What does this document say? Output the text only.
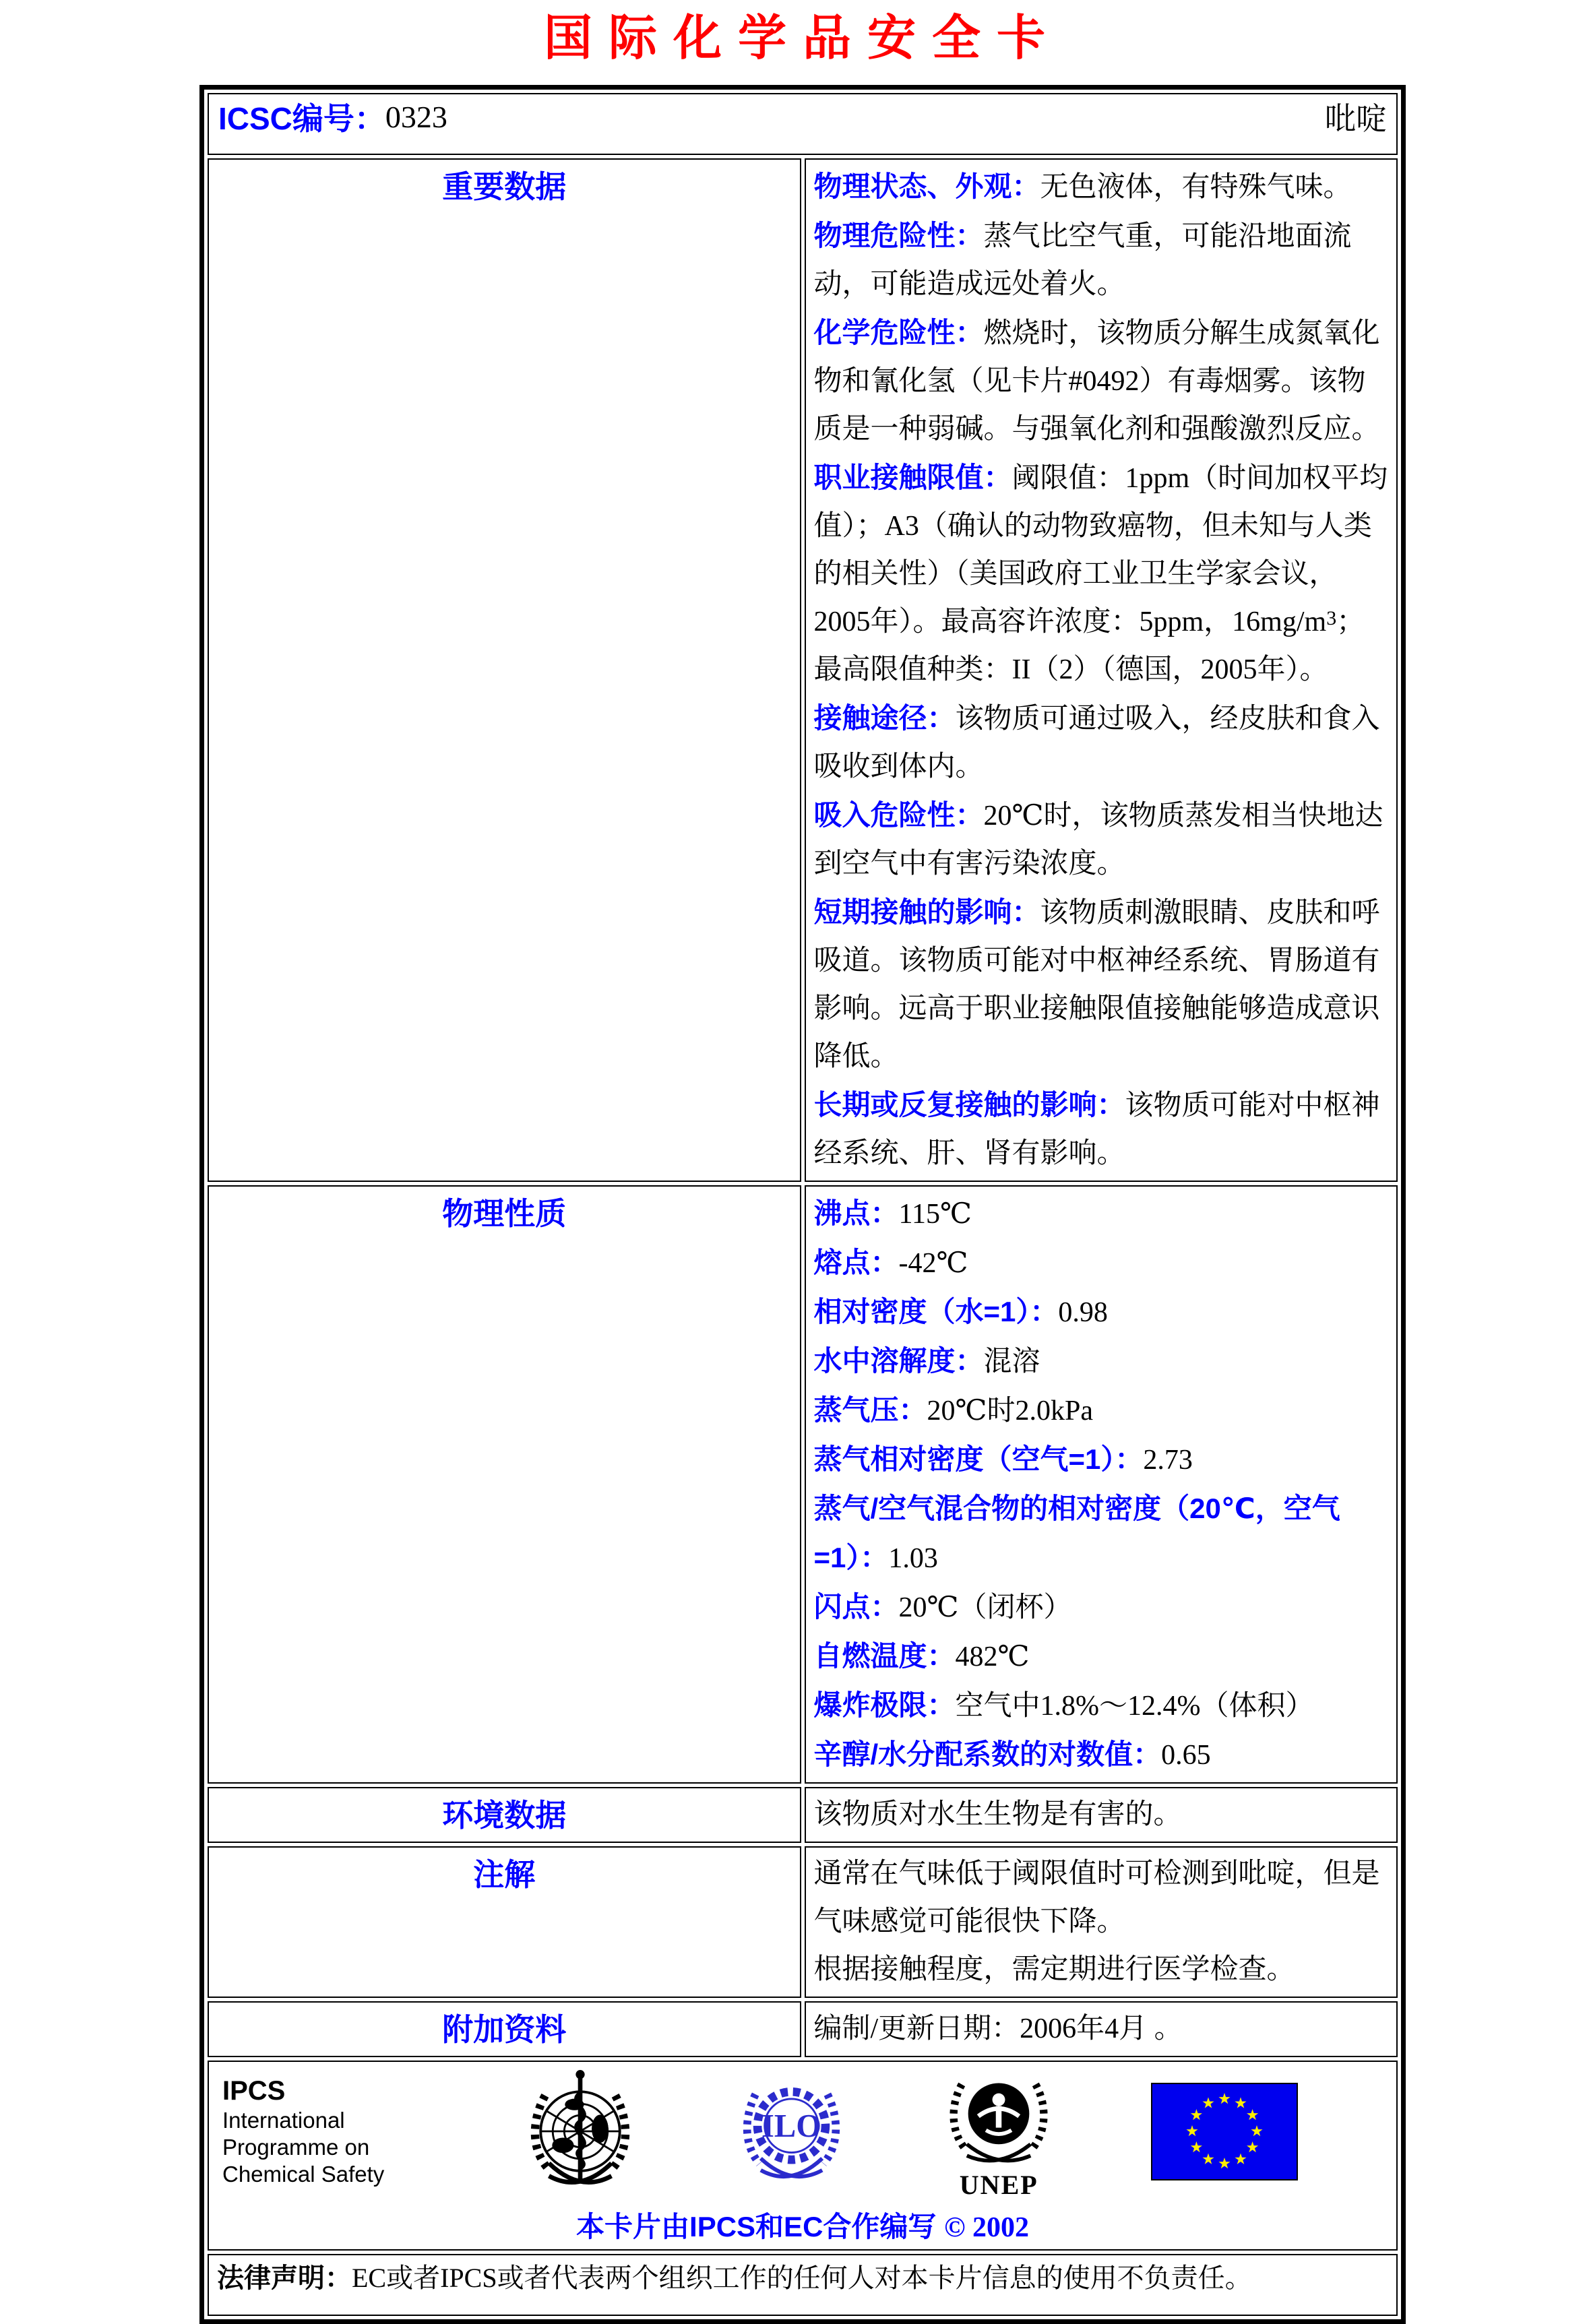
国际化学品安全卡
ICSC编号： 0323 吡啶	

重要数据	物理状态、外观：无色液体，有特殊气味。
物理危险性：蒸气比空气重，可能沿地面流动，可能造成远处着火。
化学危险性：燃烧时，该物质分解生成氮氧化物和氰化氢（见卡片#0492）有毒烟雾。该物质是一种弱碱。与强氧化剂和强酸激烈反应。
职业接触限值：阈限值：1ppm（时间加权平均值）；A3（确认的动物致癌物，但未知与人类的相关性）（美国政府工业卫生学家会议，2005年）。最高容许浓度：5ppm，$16mg/m^3$；最高限值种类：II（2）（德国，2005年）。
接触途径：该物质可通过吸入，经皮肤和食入吸收到体内。
吸入危险性：20℃时，该物质蒸发相当快地达到空气中有害污染浓度。
短期接触的影响：该物质刺激眼睛、皮肤和呼吸道。该物质可能对中枢神经系统、胃肠道有影响。远高于职业接触限值接触能够造成意识降低。
长期或反复接触的影响：该物质可能对中枢神经系统、肝、肾有影响。

物理性质	沸点：115℃
熔点：-42℃
相对密度（水=1）：0.98
水中溶解度：混溶
蒸气压：20℃时2.0kPa
蒸气相对密度（空气=1）：2.73
蒸气/空气混合物的相对密度（20℃，空气=1）：1.03
闪点：20℃（闭杯）
自燃温度：482℃
爆炸极限：空气中1.8%～12.4%（体积）
辛醇/水分配系数的对数值：0.65

环境数据	该物质对水生生物是有害的。

注解	通常在气味低于阈限值时可检测到吡啶，但是气味感觉可能很快下降。
根据接触程度，需定期进行医学检查。

附加资料	编制/更新日期：2006年4月 。

IPCS
International
Programme on
Chemical Safety
ILO
UNEP
本卡片由IPCS和EC合作编写 © 2002

法律声明：EC或者IPCS或者代表两个组织工作的任何人对本卡片信息的使用不负责任。	
